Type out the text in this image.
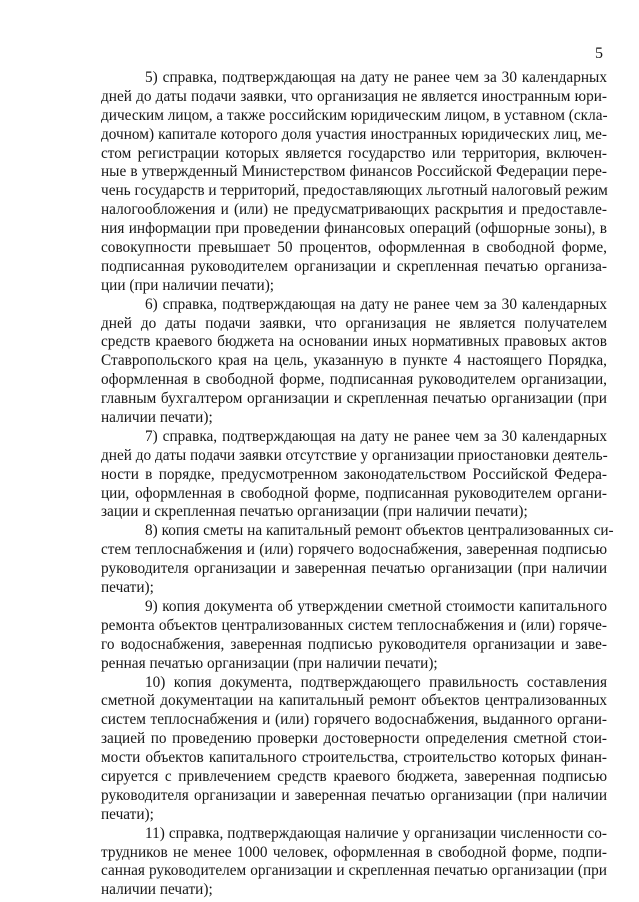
5
5) справка, подтверждающая на дату не ранее чем за 30 календарных
дней до даты подачи заявки, что организация не является иностранным юри-
дическим лицом, а также российским юридическим лицом, в уставном (скла-
дочном) капитале которого доля участия иностранных юридических лиц, ме-
стом регистрации которых является государство или территория, включен-
ные в утвержденный Министерством финансов Российской Федерации пере-
чень государств и территорий, предоставляющих льготный налоговый режим
налогообложения и (или) не предусматривающих раскрытия и предоставле-
ния информации при проведении финансовых операций (офшорные зоны), в
совокупности превышает 50 процентов, оформленная в свободной форме,
подписанная руководителем организации и скрепленная печатью организа-
ции (при наличии печати);
6) справка, подтверждающая на дату не ранее чем за 30 календарных
дней до даты подачи заявки, что организация не является получателем
средств краевого бюджета на основании иных нормативных правовых актов
Ставропольского края на цель, указанную в пункте 4 настоящего Порядка,
оформленная в свободной форме, подписанная руководителем организации,
главным бухгалтером организации и скрепленная печатью организации (при
наличии печати);
7) справка, подтверждающая на дату не ранее чем за 30 календарных
дней до даты подачи заявки отсутствие у организации приостановки деятель-
ности в порядке, предусмотренном законодательством Российской Федера-
ции, оформленная в свободной форме, подписанная руководителем органи-
зации и скрепленная печатью организации (при наличии печати);
8) копия сметы на капитальный ремонт объектов централизованных си-
стем теплоснабжения и (или) горячего водоснабжения, заверенная подписью
руководителя организации и заверенная печатью организации (при наличии
печати);
9) копия документа об утверждении сметной стоимости капитального
ремонта объектов централизованных систем теплоснабжения и (или) горяче-
го водоснабжения, заверенная подписью руководителя организации и заве-
ренная печатью организации (при наличии печати);
10) копия документа, подтверждающего правильность составления
сметной документации на капитальный ремонт объектов централизованных
систем теплоснабжения и (или) горячего водоснабжения, выданного органи-
зацией по проведению проверки достоверности определения сметной стои-
мости объектов капитального строительства, строительство которых финан-
сируется с привлечением средств краевого бюджета, заверенная подписью
руководителя организации и заверенная печатью организации (при наличии
печати);
11) справка, подтверждающая наличие у организации численности со-
трудников не менее 1000 человек, оформленная в свободной форме, подпи-
санная руководителем организации и скрепленная печатью организации (при
наличии печати);
